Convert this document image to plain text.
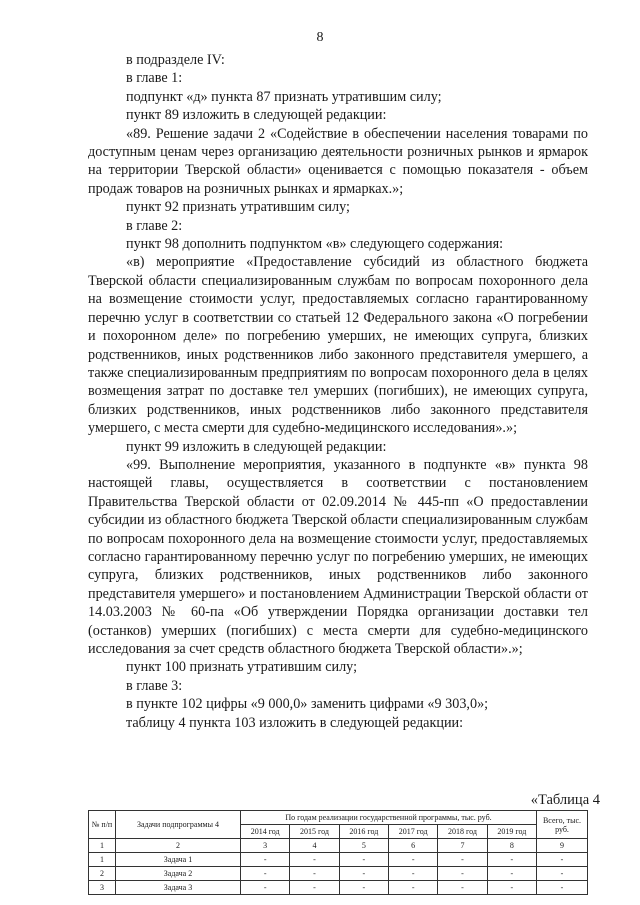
8

в подразделе IV:

в главе 1:

подпункт «д» пункта 87 признать утратившим силу;

пункт 89 изложить в следующей редакции:

«89. Решение задачи 2 «Содействие в обеспечении населения товарами по доступным ценам через организацию деятельности розничных рынков и ярмарок на территории Тверской области» оценивается с помощью показателя - объем продаж товаров на розничных рынках и ярмарках.»;

пункт 92 признать утратившим силу;

в главе 2:

пункт 98 дополнить подпунктом «в» следующего содержания:

«в) мероприятие «Предоставление субсидий из областного бюджета Тверской области специализированным службам по вопросам похоронного дела на возмещение стоимости услуг, предоставляемых согласно гарантированному перечню услуг в соответствии со статьей 12 Федерального закона «О погребении и похоронном деле» по погребению умерших, не имеющих супруга, близких родственников, иных родственников либо законного представителя умершего, а также специализированным предприятиям по вопросам похоронного дела в целях возмещения затрат по доставке тел умерших (погибших), не имеющих супруга, близких родственников, иных родственников либо законного представителя умершего, с места смерти для судебно-медицинского исследования».»;

пункт 99 изложить в следующей редакции:

«99. Выполнение мероприятия, указанного в подпункте «в» пункта 98 настоящей главы, осуществляется в соответствии с постановлением Правительства Тверской области от 02.09.2014 № 445-пп «О предоставлении субсидии из областного бюджета Тверской области специализированным службам по вопросам похоронного дела на возмещение стоимости услуг, предоставляемых согласно гарантированному перечню услуг по погребению умерших, не имеющих супруга, близких родственников, иных родственников либо законного представителя умершего» и постановлением Администрации Тверской области от 14.03.2003 № 60-па «Об утверждении Порядка организации доставки тел (останков) умерших (погибших) с места смерти для судебно-медицинского исследования за счет средств областного бюджета Тверской области».»;

пункт 100 признать утратившим силу;

в главе 3:

в пункте 102 цифры «9 000,0» заменить цифрами «9 303,0»;

таблицу 4 пункта 103 изложить в следующей редакции:

«Таблица 4
№ п/п	Задачи подпрограммы 4	По годам реализации государственной программы, тыс. руб.						Всего, тыс. руб.
		2014 год	2015 год	2016 год	2017 год	2018 год	2019 год	
1	2	3	4	5	6	7	8	9
1	Задача 1	-	-	-	-	-	-	-
2	Задача 2	-	-	-	-	-	-	-
3	Задача 3	-	-	-	-	-	-	-
